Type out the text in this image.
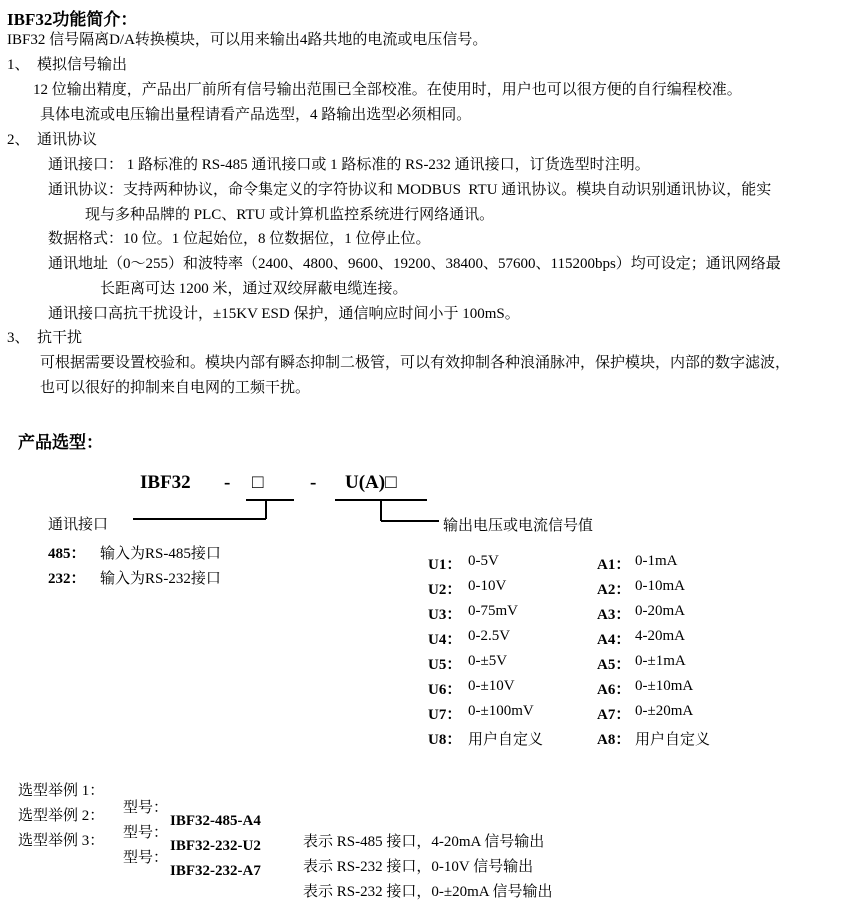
IBF32功能简介：
IBF32 信号隔离D/A转换模块，可以用来输出4路共地的电流或电压信号。
1、  模拟信号输出
12 位输出精度，产品出厂前所有信号输出范围已全部校准。在使用时，用户也可以很方便的自行编程校准。
具体电流或电压输出量程请看产品选型，4 路输出选型必须相同。
2、  通讯协议
通讯接口： 1 路标准的 RS-485 通讯接口或 1 路标准的 RS-232 通讯接口，订货选型时注明。
通讯协议：支持两种协议，命令集定义的字符协议和 MODBUS  RTU 通讯协议。模块自动识别通讯协议，能实
现与多种品牌的 PLC、RTU 或计算机监控系统进行网络通讯。
数据格式：10 位。1 位起始位，8 位数据位，1 位停止位。
通讯地址（0～255）和波特率（2400、4800、9600、19200、38400、57600、115200bps）均可设定；通讯网络最
长距离可达 1200 米，通过双绞屏蔽电缆连接。
通讯接口高抗干扰设计，±15KV ESD 保护，通信响应时间小于 100mS。
3、  抗干扰
可根据需要设置校验和。模块内部有瞬态抑制二极管，可以有效抑制各种浪涌脉冲，保护模块，内部的数字滤波，
也可以很好的抑制来自电网的工频干扰。
产品选型：
IBF32 - □ - U(A)□
通讯接口	输出电压或电流信号值
485： 输入为RS-485接口
232： 输入为RS-232接口
U1： 0-5V	A1： 0-1mA
U2： 0-10V	A2： 0-10mA
U3： 0-75mV	A3： 0-20mA
U4： 0-2.5V	A4： 4-20mA
U5： 0-±5V	A5： 0-±1mA
U6： 0-±10V	A6： 0-±10mA
U7： 0-±100mV	A7： 0-±20mA
U8： 用户自定义	A8： 用户自定义

选型举例 1：

型号：

IBF32-485-A4

表示 RS-485 接口，4-20mA 信号输出

选型举例 2：

型号：

IBF32-232-U2

表示 RS-232 接口，0-10V 信号输出

选型举例 3：

型号：

IBF32-232-A7

表示 RS-232 接口，0-±20mA 信号输出
